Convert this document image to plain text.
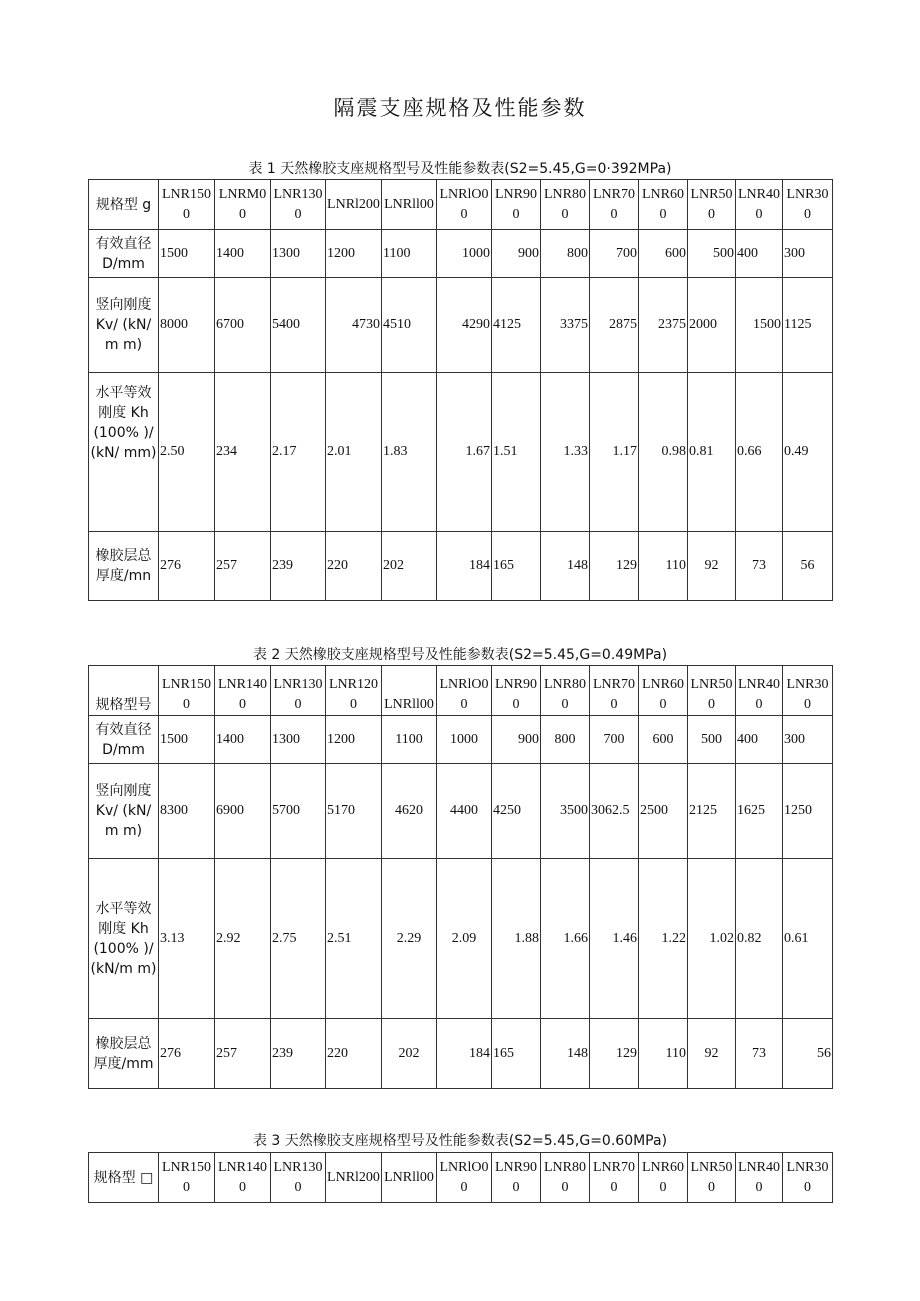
隔震支座规格及性能参数
表 1 天然橡胶支座规格型号及性能参数表(S2=5.45,G=0·392MPa)
规格型 g	LNR1500	LNRM00	LNR1300	LNRl200	LNRll00	LNRlO00	LNR900	LNR800	LNR700	LNR600	LNR500	LNR400	LNR300
有效直径 D/mm	1500	1400	1300	1200	1100	1000	900	800	700	600	500	400	300
竖向刚度 Kv/ (kN/m m)	8000	6700	5400	4730	4510	4290	4125	3375	2875	2375	2000	1500	1125
水平等效 刚度 Kh (100% )/(kN/ mm)	2.50	234	2.17	2.01	1.83	1.67	1.51	1.33	1.17	0.98	0.81	0.66	0.49
橡胶层总 厚度/mn	276	257	239	220	202	184	165	148	129	110	92	73	56
表 2 天然橡胶支座规格型号及性能参数表(S2=5.45,G=0.49MPa)
规格型号	LNR1500	LNR1400	LNR1300	LNR1200	LNRll00	LNRlO00	LNR900	LNR800	LNR700	LNR600	LNR500	LNR400	LNR300
有效直径 D/mm	1500	1400	1300	1200	1100	1000	900	800	700	600	500	400	300
竖向刚度 Kv/ (kN/m m)	8300	6900	5700	5170	4620	4400	4250	3500	3062.5	2500	2125	1625	1250
水平等效 刚度 Kh (100% )/ (kN/m m)	3.13	2.92	2.75	2.51	2.29	2.09	1.88	1.66	1.46	1.22	1.02	0.82	0.61
橡胶层总 厚度/mm	276	257	239	220	202	184	165	148	129	110	92	73	56
表 3 天然橡胶支座规格型号及性能参数表(S2=5.45,G=0.60MPa)
规格型 □	LNR1500	LNR1400	LNR1300	LNRl200	LNRll00	LNRlO00	LNR900	LNR800	LNR700	LNR600	LNR500	LNR400	LNR300
